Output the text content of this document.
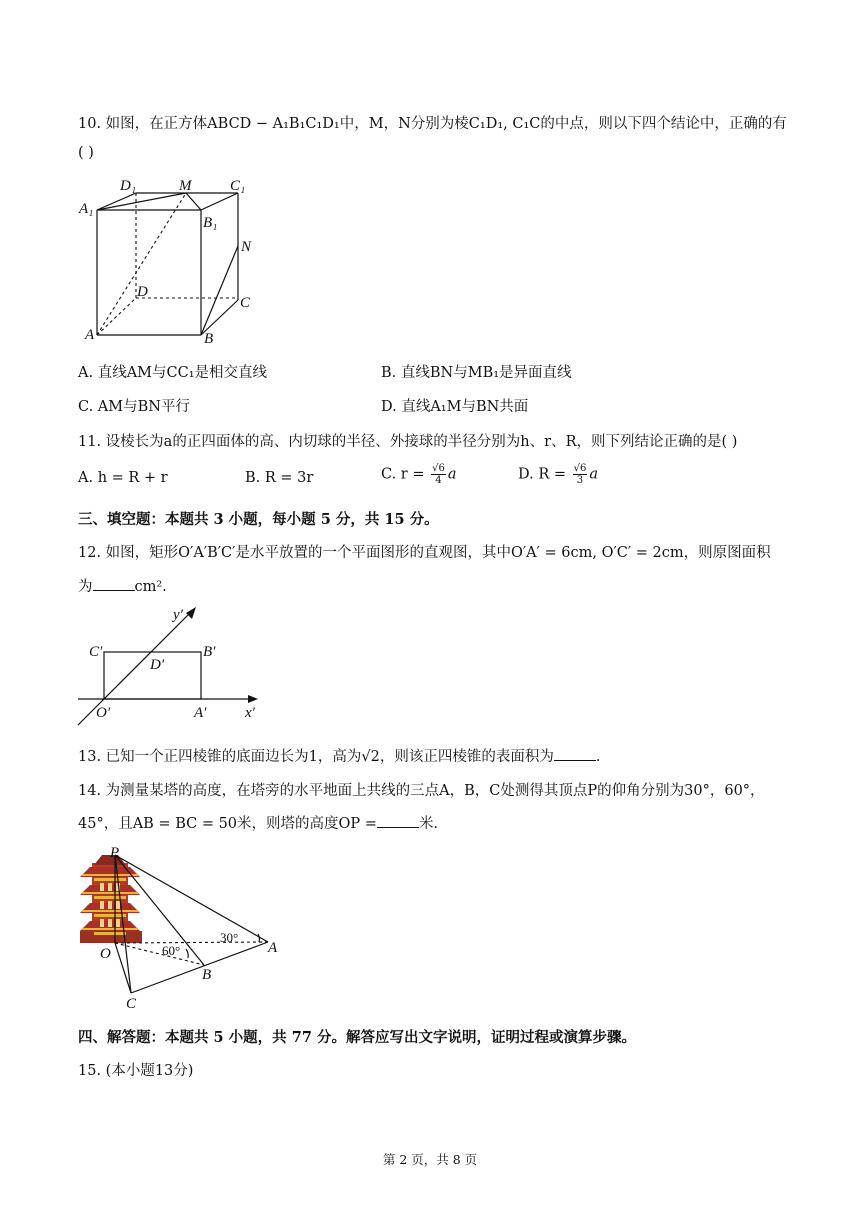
10. 如图，在正方体ABCD − A₁B₁C₁D₁中，M，N分别为棱C₁D₁, C₁C的中点，则以下四个结论中，正确的有
( )
D₁	M	C₁
A₁
B₁
N
D
C
A	B
A. 直线AM与CC₁是相交直线	B. 直线BN与MB₁是异面直线
C. AM与BN平行	D. 直线A₁M与BN共面
11. 设棱长为a的正四面体的高、内切球的半径、外接球的半径分别为h、r、R，则下列结论正确的是( )
A. h = R + r	B. R = 3r	C. $r = \frac{√6}{4}$ a	D. $R = \frac{√6}{3}$ a
三、填空题：本题共 3 小题，每小题 5 分，共 15 分。
12. 如图，矩形O′A′B′C′是水平放置的一个平面图形的直观图，其中O′A′ = 6cm, O′C′ = 2cm，则原图面积
为	cm².
y′
C′
D′
B′
O′	A′	x′
13. 已知一个正四棱锥的底面边长为1，高为√2，则该正四棱锥的表面积为	.
14. 为测量某塔的高度，在塔旁的水平地面上共线的三点A，B，C处测得其顶点P的仰角分别为30°，60°，
45°，且AB = BC = 50米，则塔的高度OP =	米.
P
O	A
B
C
30°
60°
四、解答题：本题共 5 小题，共 77 分。解答应写出文字说明，证明过程或演算步骤。
15. (本小题13分)
第 2 页，共 8 页
